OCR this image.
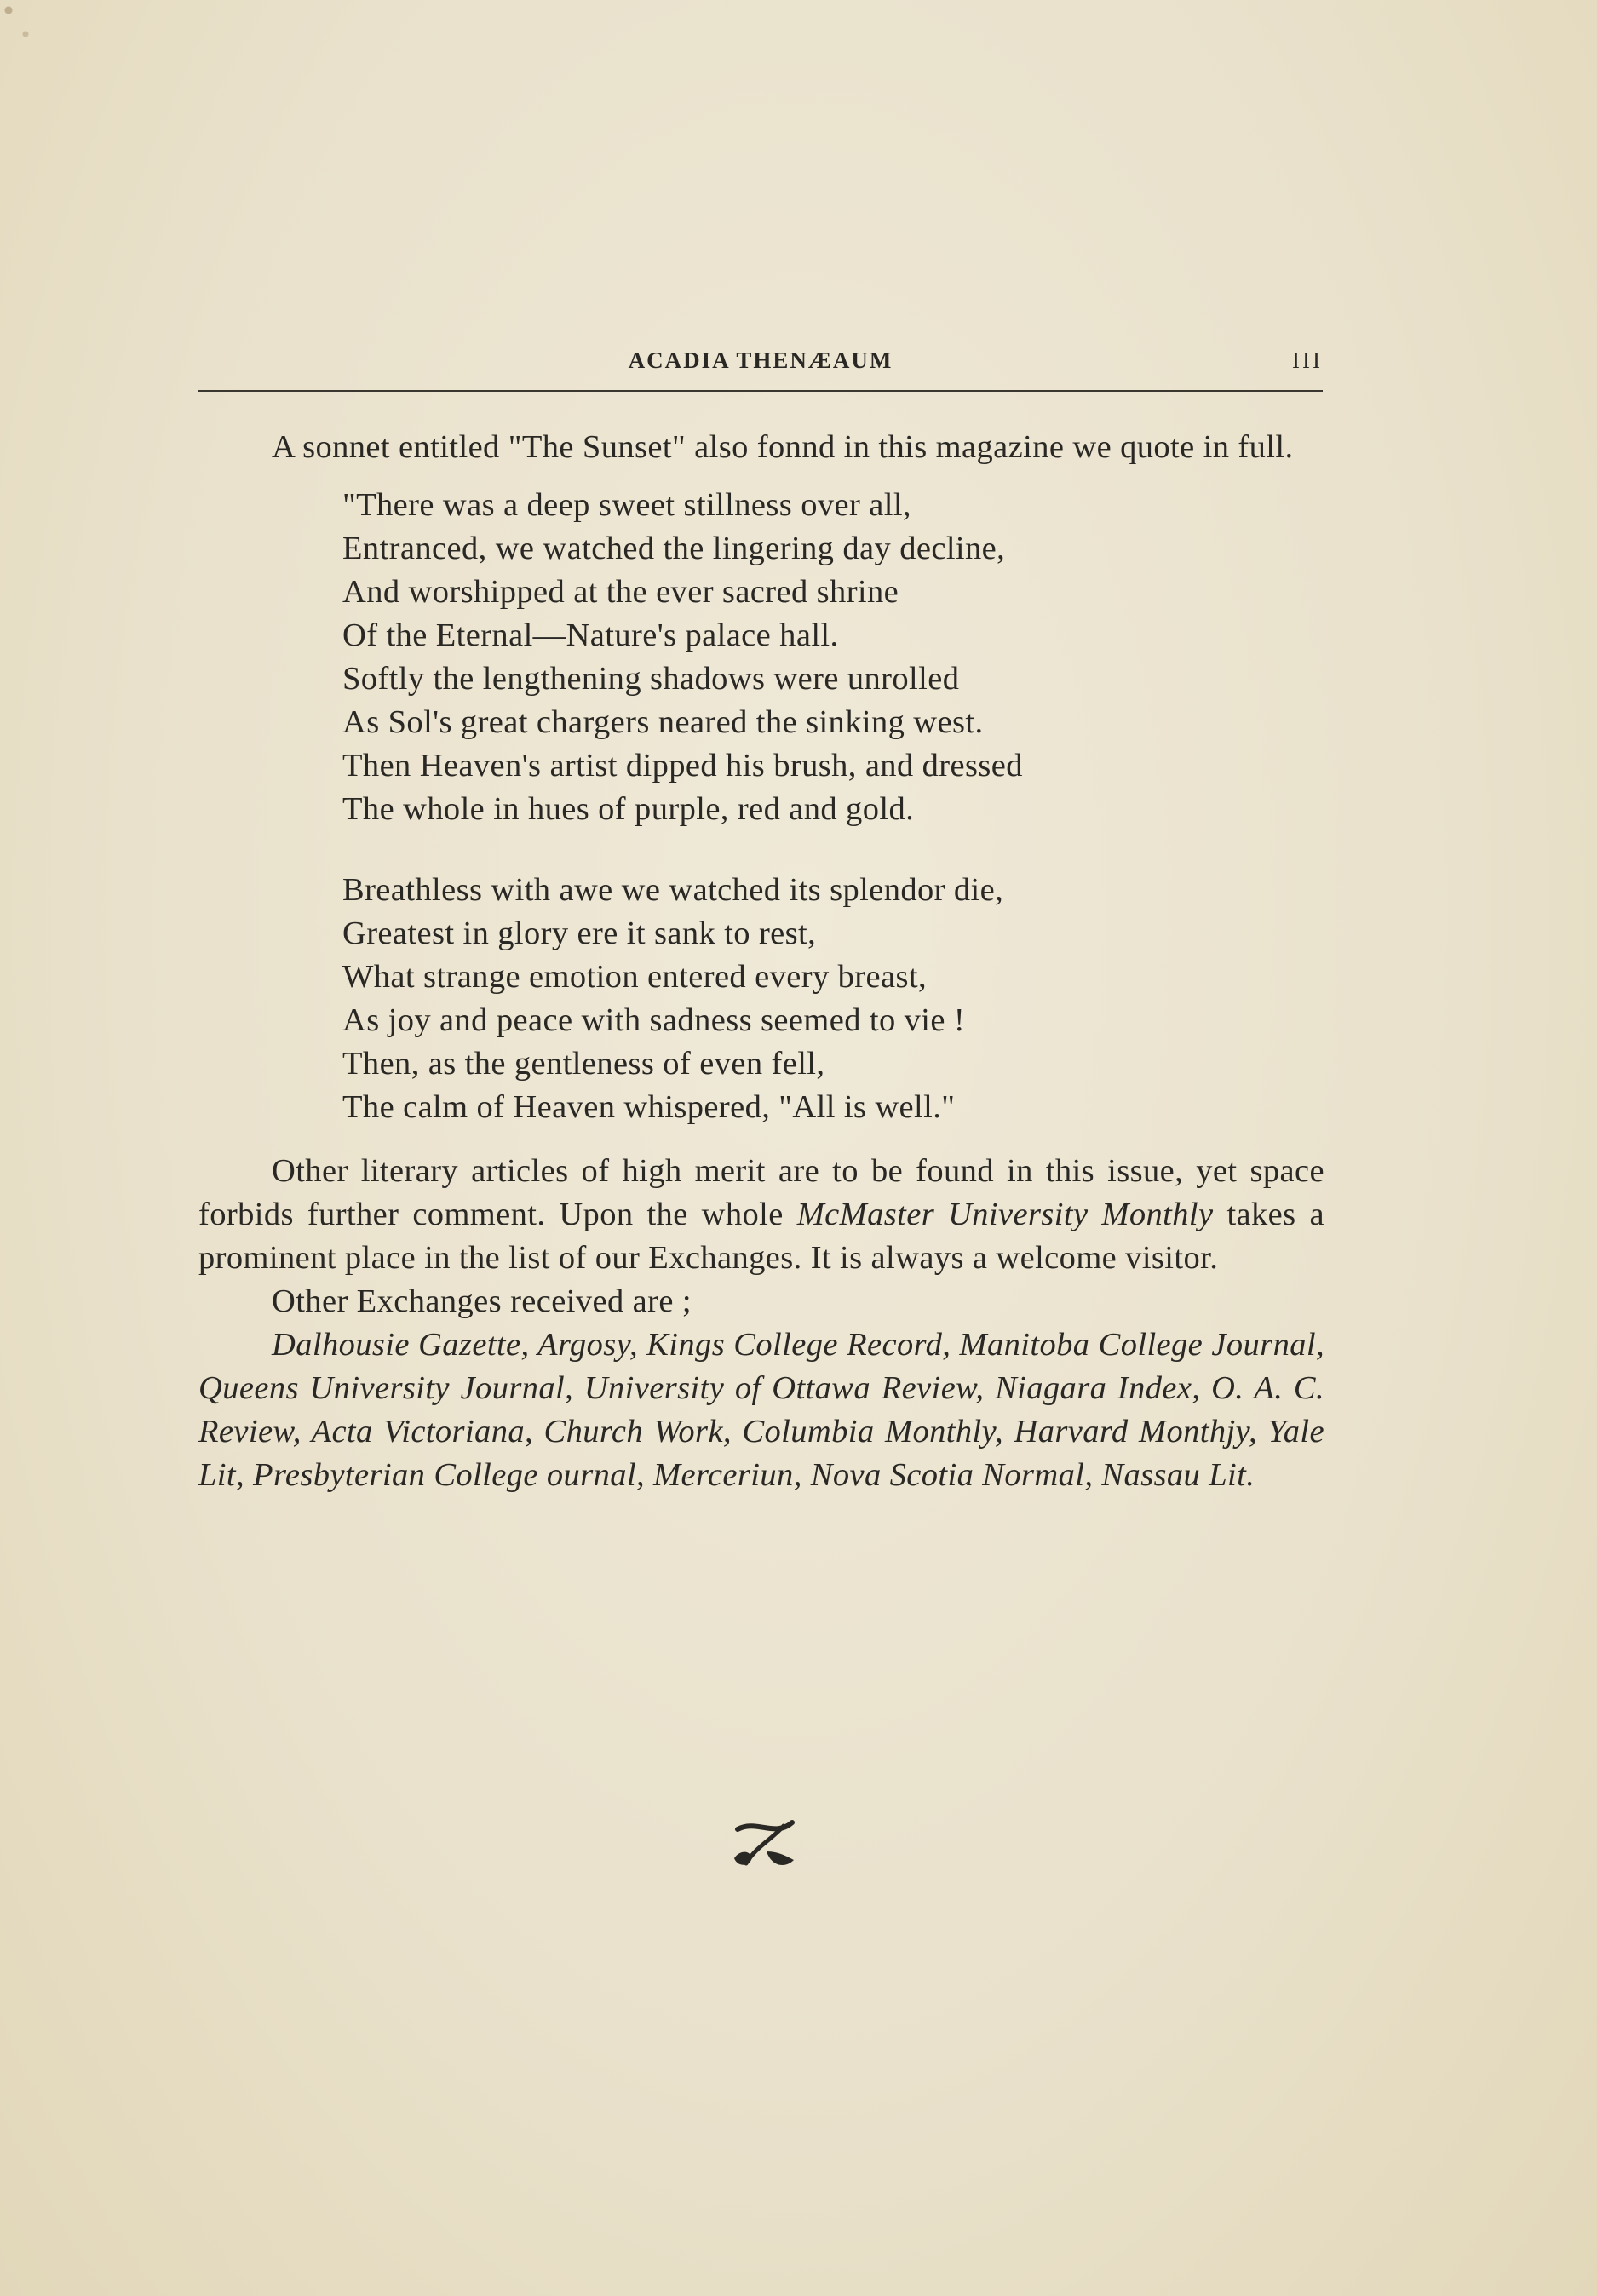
ACADIA THENÆAUM	III

A sonnet entitled "The Sunset" also fonnd in this magazine we quote in full.

"There was a deep sweet stillness over all,
Entranced, we watched the lingering day decline,
And worshipped at the ever sacred shrine
Of the Eternal—Nature's palace hall.
Softly the lengthening shadows were unrolled
As Sol's great chargers neared the sinking west.
Then Heaven's artist dipped his brush, and dressed
The whole in hues of purple, red and gold.
Breathless with awe we watched its splendor die,
Greatest in glory ere it sank to rest,
What strange emotion entered every breast,
As joy and peace with sadness seemed to vie !
Then, as the gentleness of even fell,
The calm of Heaven whispered, "All is well."

Other literary articles of high merit are to be found in this issue, yet space forbids further comment. Upon the whole McMaster University Monthly takes a prominent place in the list of our Exchanges. It is always a welcome visitor.

Other Exchanges received are ;

Dalhousie Gazette, Argosy, Kings College Record, Manitoba College Journal, Queens University Journal, University of Ottawa Review, Niagara Index, O. A. C. Review, Acta Victoriana, Church Work, Columbia Monthly, Harvard Monthjy, Yale Lit, Presbyterian College ournal, Merceriun, Nova Scotia Normal, Nassau Lit.
